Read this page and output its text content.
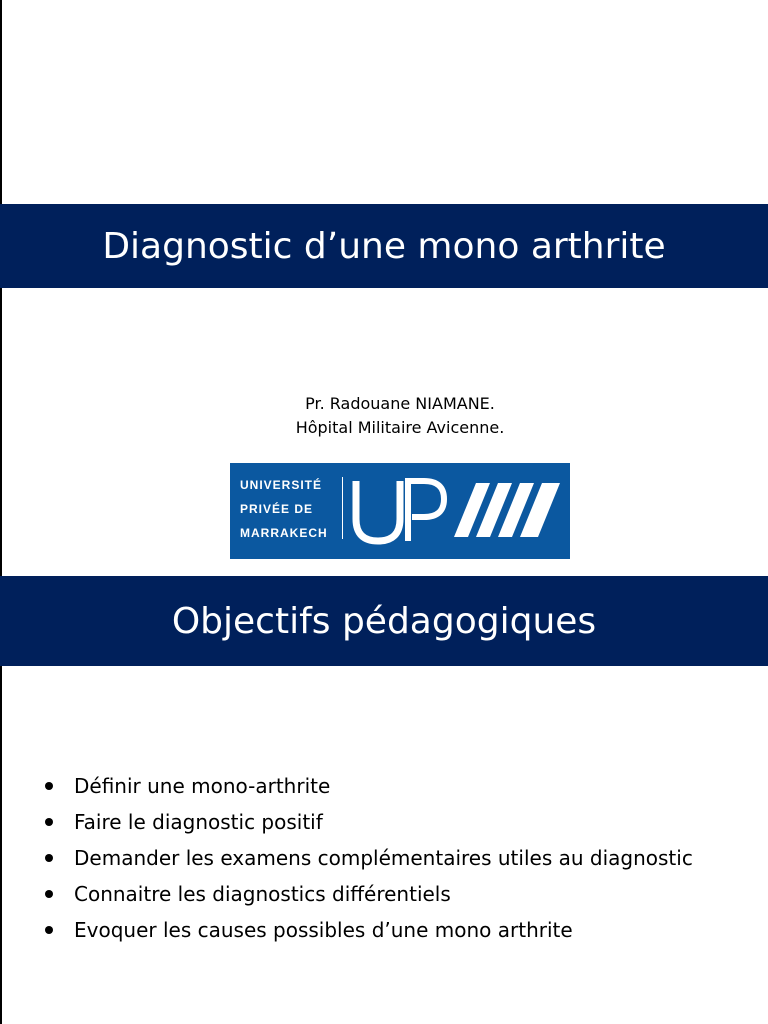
Diagnostic d’une mono arthrite
Pr. Radouane NIAMANE.
Hôpital Militaire Avicenne.
UNIVERSITÉ
PRIVÉE DE
MARRAKECH
Objectifs pédagogiques
Définir une mono-arthrite
Faire le diagnostic positif
Demander les examens complémentaires utiles au diagnostic
Connaitre les diagnostics différentiels
Evoquer les causes possibles d’une mono arthrite
